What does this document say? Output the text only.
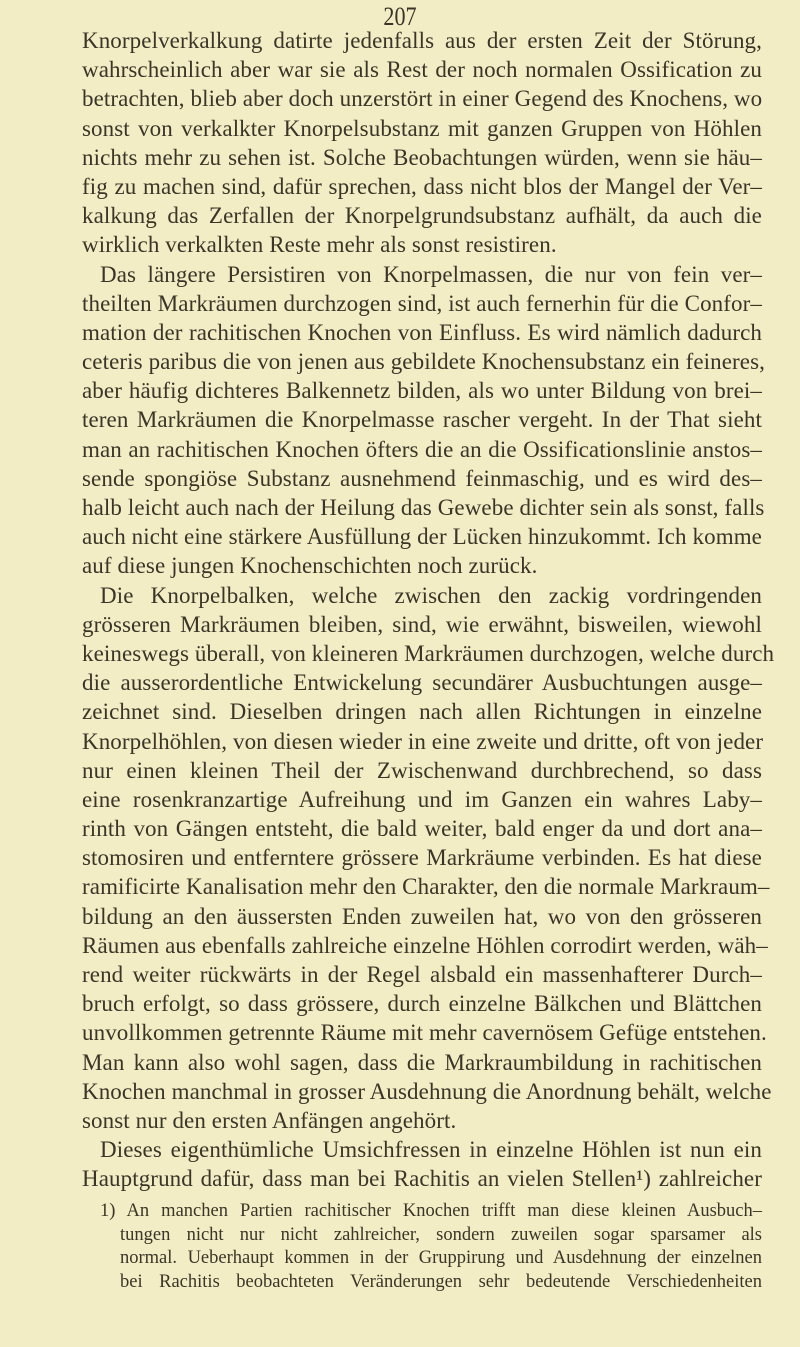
207
Knorpelverkalkung datirte jedenfalls aus der ersten Zeit der Störung,
wahrscheinlich aber war sie als Rest der noch normalen Ossification zu
betrachten, blieb aber doch unzerstört in einer Gegend des Knochens, wo
sonst von verkalkter Knorpelsubstanz mit ganzen Gruppen von Höhlen
nichts mehr zu sehen ist. Solche Beobachtungen würden, wenn sie häu–
fig zu machen sind, dafür sprechen, dass nicht blos der Mangel der Ver–
kalkung das Zerfallen der Knorpelgrundsubstanz aufhält, da auch die
wirklich verkalkten Reste mehr als sonst resistiren.
Das längere Persistiren von Knorpelmassen, die nur von fein ver–
theilten Markräumen durchzogen sind, ist auch fernerhin für die Confor–
mation der rachitischen Knochen von Einfluss. Es wird nämlich dadurch
ceteris paribus die von jenen aus gebildete Knochensubstanz ein feineres,
aber häufig dichteres Balkennetz bilden, als wo unter Bildung von brei–
teren Markräumen die Knorpelmasse rascher vergeht. In der That sieht
man an rachitischen Knochen öfters die an die Ossificationslinie anstos–
sende spongiöse Substanz ausnehmend feinmaschig, und es wird des–
halb leicht auch nach der Heilung das Gewebe dichter sein als sonst, falls
auch nicht eine stärkere Ausfüllung der Lücken hinzukommt. Ich komme
auf diese jungen Knochenschichten noch zurück.
Die Knorpelbalken, welche zwischen den zackig vordringenden
grösseren Markräumen bleiben, sind, wie erwähnt, bisweilen, wiewohl
keineswegs überall, von kleineren Markräumen durchzogen, welche durch
die ausserordentliche Entwickelung secundärer Ausbuchtungen ausge–
zeichnet sind. Dieselben dringen nach allen Richtungen in einzelne
Knorpelhöhlen, von diesen wieder in eine zweite und dritte, oft von jeder
nur einen kleinen Theil der Zwischenwand durchbrechend, so dass
eine rosenkranzartige Aufreihung und im Ganzen ein wahres Laby–
rinth von Gängen entsteht, die bald weiter, bald enger da und dort ana–
stomosiren und entferntere grössere Markräume verbinden. Es hat diese
ramificirte Kanalisation mehr den Charakter, den die normale Markraum–
bildung an den äussersten Enden zuweilen hat, wo von den grösseren
Räumen aus ebenfalls zahlreiche einzelne Höhlen corrodirt werden, wäh–
rend weiter rückwärts in der Regel alsbald ein massenhafterer Durch–
bruch erfolgt, so dass grössere, durch einzelne Bälkchen und Blättchen
unvollkommen getrennte Räume mit mehr cavernösem Gefüge entstehen.
Man kann also wohl sagen, dass die Markraumbildung in rachitischen
Knochen manchmal in grosser Ausdehnung die Anordnung behält, welche
sonst nur den ersten Anfängen angehört.
Dieses eigenthümliche Umsichfressen in einzelne Höhlen ist nun ein
Hauptgrund dafür, dass man bei Rachitis an vielen Stellen¹) zahlreicher
1) An manchen Partien rachitischer Knochen trifft man diese kleinen Ausbuch–
tungen nicht nur nicht zahlreicher, sondern zuweilen sogar sparsamer als
normal. Ueberhaupt kommen in der Gruppirung und Ausdehnung der einzelnen
bei Rachitis beobachteten Veränderungen sehr bedeutende Verschiedenheiten
